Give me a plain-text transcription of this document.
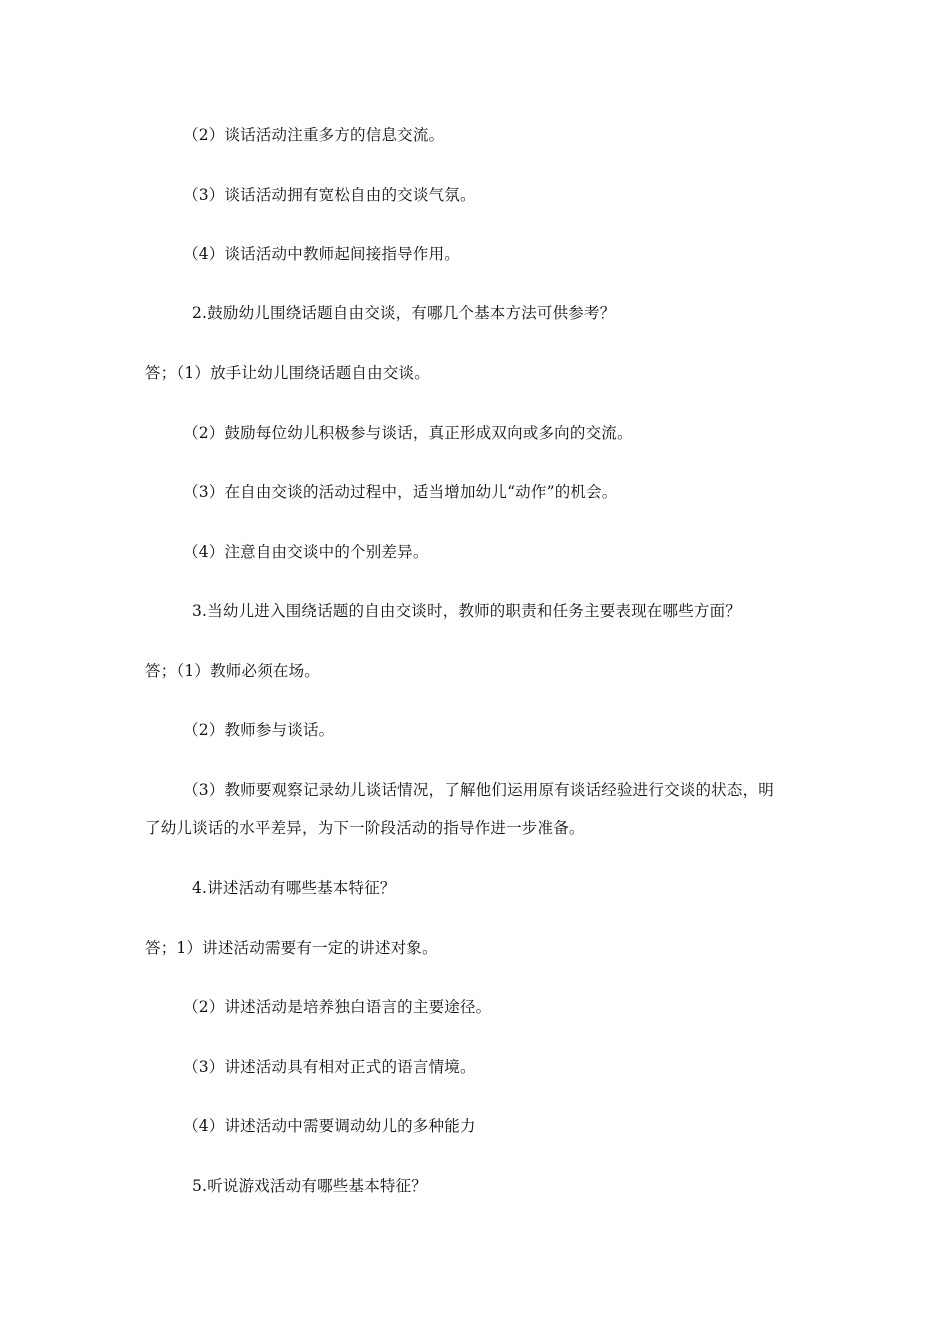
（2）谈话活动注重多方的信息交流。
（3）谈话活动拥有宽松自由的交谈气氛。
（4）谈话活动中教师起间接指导作用。
2.鼓励幼儿围绕话题自由交谈，有哪几个基本方法可供参考？
答；（1）放手让幼儿围绕话题自由交谈。
（2）鼓励每位幼儿积极参与谈话，真正形成双向或多向的交流。
（3）在自由交谈的活动过程中，适当增加幼儿“动作”的机会。
（4）注意自由交谈中的个别差异。
3.当幼儿进入围绕话题的自由交谈时，教师的职责和任务主要表现在哪些方面？
答；（1）教师必须在场。
（2）教师参与谈话。
（3）教师要观察记录幼儿谈话情况，了解他们运用原有谈话经验进行交谈的状态，明
了幼儿谈话的水平差异，为下一阶段活动的指导作进一步准备。
4.讲述活动有哪些基本特征？
答；1）讲述活动需要有一定的讲述对象。
（2）讲述活动是培养独白语言的主要途径。
（3）讲述活动具有相对正式的语言情境。
（4）讲述活动中需要调动幼儿的多种能力
5.听说游戏活动有哪些基本特征？
